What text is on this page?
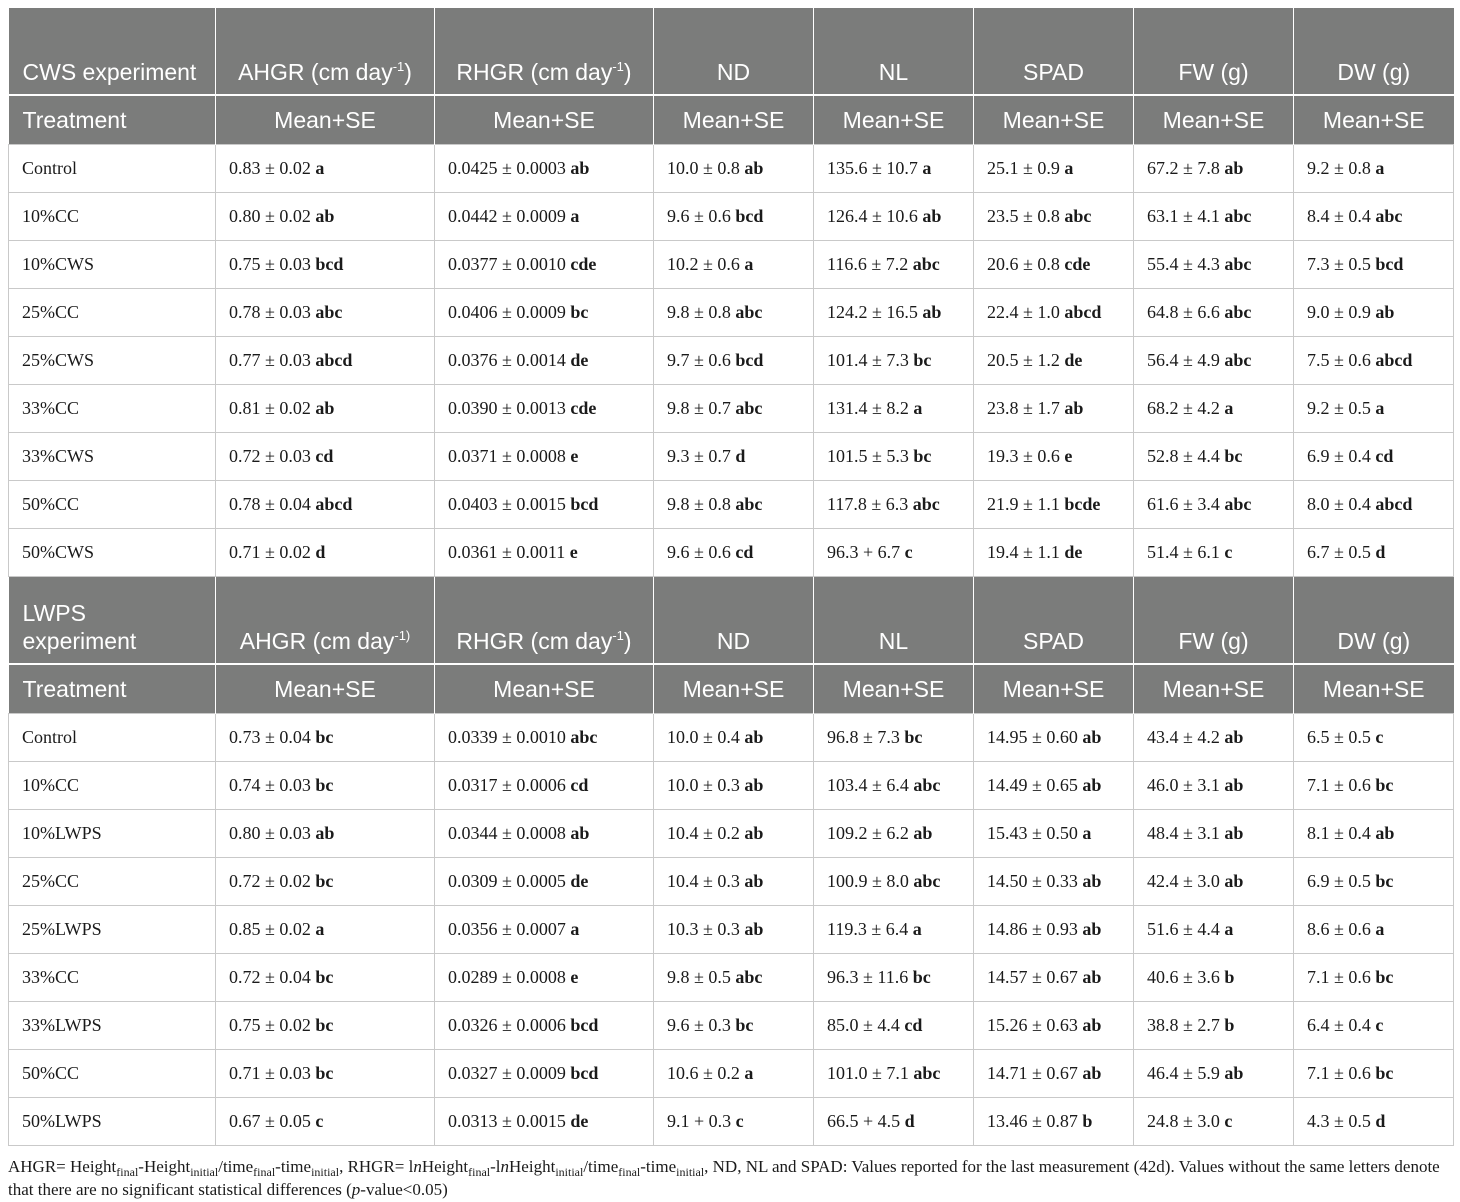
CWS experiment	AHGR (cm day$^{-1}$)	RHGR (cm day$^{-1}$)	ND	NL	SPAD	FW (g)	DW (g)
Treatment	Mean+SE	Mean+SE	Mean+SE	Mean+SE	Mean+SE	Mean+SE	Mean+SE
Control	0.83 ± 0.02 a	0.0425 ± 0.0003 ab	10.0 ± 0.8 ab	135.6 ± 10.7 a	25.1 ± 0.9 a	67.2 ± 7.8 ab	9.2 ± 0.8 a
10%CC	0.80 ± 0.02 ab	0.0442 ± 0.0009 a	9.6 ± 0.6 bcd	126.4 ± 10.6 ab	23.5 ± 0.8 abc	63.1 ± 4.1 abc	8.4 ± 0.4 abc
10%CWS	0.75 ± 0.03 bcd	0.0377 ± 0.0010 cde	10.2 ± 0.6 a	116.6 ± 7.2 abc	20.6 ± 0.8 cde	55.4 ± 4.3 abc	7.3 ± 0.5 bcd
25%CC	0.78 ± 0.03 abc	0.0406 ± 0.0009 bc	9.8 ± 0.8 abc	124.2 ± 16.5 ab	22.4 ± 1.0 abcd	64.8 ± 6.6 abc	9.0 ± 0.9 ab
25%CWS	0.77 ± 0.03 abcd	0.0376 ± 0.0014 de	9.7 ± 0.6 bcd	101.4 ± 7.3 bc	20.5 ± 1.2 de	56.4 ± 4.9 abc	7.5 ± 0.6 abcd
33%CC	0.81 ± 0.02 ab	0.0390 ± 0.0013 cde	9.8 ± 0.7 abc	131.4 ± 8.2 a	23.8 ± 1.7 ab	68.2 ± 4.2 a	9.2 ± 0.5 a
33%CWS	0.72 ± 0.03 cd	0.0371 ± 0.0008 e	9.3 ± 0.7 d	101.5 ± 5.3 bc	19.3 ± 0.6 e	52.8 ± 4.4 bc	6.9 ± 0.4 cd
50%CC	0.78 ± 0.04 abcd	0.0403 ± 0.0015 bcd	9.8 ± 0.8 abc	117.8 ± 6.3 abc	21.9 ± 1.1 bcde	61.6 ± 3.4 abc	8.0 ± 0.4 abcd
50%CWS	0.71 ± 0.02 d	0.0361 ± 0.0011 e	9.6 ± 0.6 cd	96.3 + 6.7 c	19.4 ± 1.1 de	51.4 ± 6.1 c	6.7 ± 0.5 d
LWPS experiment	AHGR (cm day$^{-1)}$	RHGR (cm day$^{-1}$)	ND	NL	SPAD	FW (g)	DW (g)
Treatment	Mean+SE	Mean+SE	Mean+SE	Mean+SE	Mean+SE	Mean+SE	Mean+SE
Control	0.73 ± 0.04 bc	0.0339 ± 0.0010 abc	10.0 ± 0.4 ab	96.8 ± 7.3 bc	14.95 ± 0.60 ab	43.4 ± 4.2 ab	6.5 ± 0.5 c
10%CC	0.74 ± 0.03 bc	0.0317 ± 0.0006 cd	10.0 ± 0.3 ab	103.4 ± 6.4 abc	14.49 ± 0.65 ab	46.0 ± 3.1 ab	7.1 ± 0.6 bc
10%LWPS	0.80 ± 0.03 ab	0.0344 ± 0.0008 ab	10.4 ± 0.2 ab	109.2 ± 6.2 ab	15.43 ± 0.50 a	48.4 ± 3.1 ab	8.1 ± 0.4 ab
25%CC	0.72 ± 0.02 bc	0.0309 ± 0.0005 de	10.4 ± 0.3 ab	100.9 ± 8.0 abc	14.50 ± 0.33 ab	42.4 ± 3.0 ab	6.9 ± 0.5 bc
25%LWPS	0.85 ± 0.02 a	0.0356 ± 0.0007 a	10.3 ± 0.3 ab	119.3 ± 6.4 a	14.86 ± 0.93 ab	51.6 ± 4.4 a	8.6 ± 0.6 a
33%CC	0.72 ± 0.04 bc	0.0289 ± 0.0008 e	9.8 ± 0.5 abc	96.3 ± 11.6 bc	14.57 ± 0.67 ab	40.6 ± 3.6 b	7.1 ± 0.6 bc
33%LWPS	0.75 ± 0.02 bc	0.0326 ± 0.0006 bcd	9.6 ± 0.3 bc	85.0 ± 4.4 cd	15.26 ± 0.63 ab	38.8 ± 2.7 b	6.4 ± 0.4 c
50%CC	0.71 ± 0.03 bc	0.0327 ± 0.0009 bcd	10.6 ± 0.2 a	101.0 ± 7.1 abc	14.71 ± 0.67 ab	46.4 ± 5.9 ab	7.1 ± 0.6 bc
50%LWPS	0.67 ± 0.05 c	0.0313 ± 0.0015 de	9.1 + 0.3 c	66.5 + 4.5 d	13.46 ± 0.87 b	24.8 ± 3.0 c	4.3 ± 0.5 d
AHGR= Height$_{final}$-Height$_{initial}$/time$_{final}$-time$_{initial}$, RHGR= lnHeight$_{final}$-lnHeight$_{initial}$/time$_{final}$-time$_{initial}$, ND, NL and SPAD: Values reported for the last measurement (42d). Values without the same letters denote that there are no significant statistical differences (p-value<0.05)
